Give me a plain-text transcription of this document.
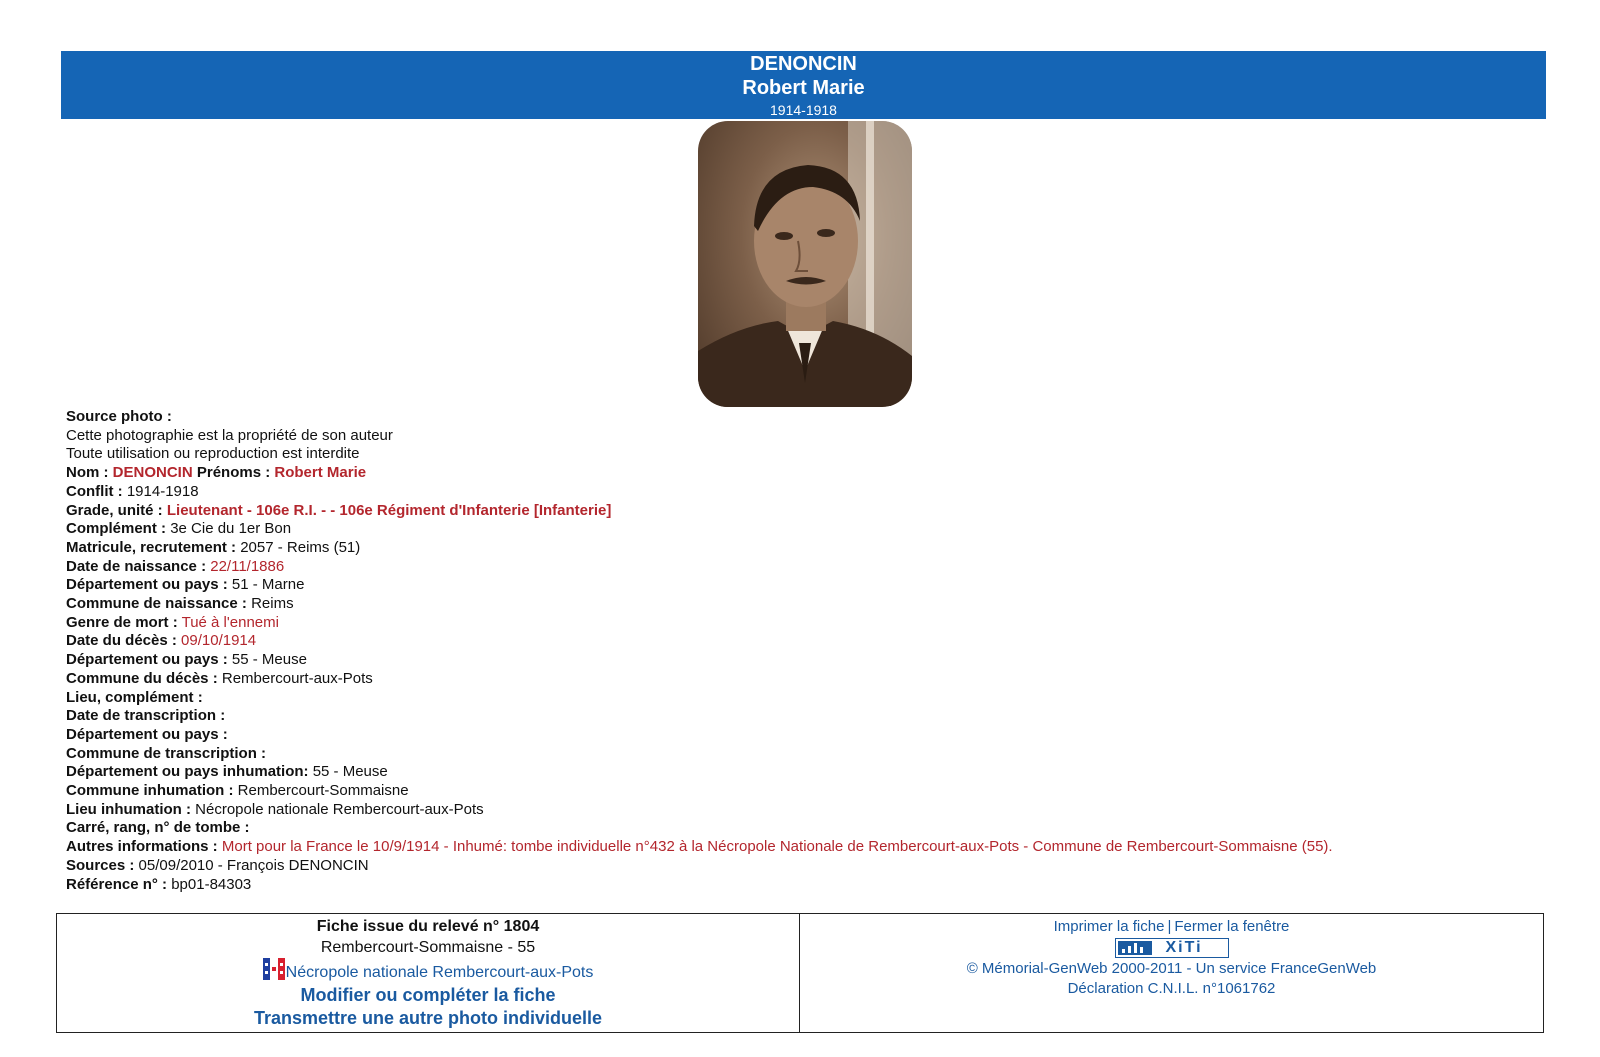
DENONCIN
Robert Marie
1914-1918
Source photo :
Cette photographie est la propriété de son auteur
Toute utilisation ou reproduction est interdite
Nom : DENONCIN Prénoms : Robert Marie
Conflit : 1914-1918
Grade, unité : Lieutenant - 106e R.I. - - 106e Régiment d'Infanterie [Infanterie]
Complément : 3e Cie du 1er Bon
Matricule, recrutement : 2057 - Reims (51)
Date de naissance : 22/11/1886
Département ou pays : 51 - Marne
Commune de naissance : Reims
Genre de mort : Tué à l'ennemi
Date du décès : 09/10/1914
Département ou pays : 55 - Meuse
Commune du décès : Rembercourt-aux-Pots
Lieu, complément :
Date de transcription :
Département ou pays :
Commune de transcription :
Département ou pays inhumation: 55 - Meuse
Commune inhumation : Rembercourt-Sommaisne
Lieu inhumation : Nécropole nationale Rembercourt-aux-Pots
Carré, rang, n° de tombe :
Autres informations : Mort pour la France le 10/9/1914 - Inhumé: tombe individuelle n°432 à la Nécropole Nationale de Rembercourt-aux-Pots - Commune de Rembercourt-Sommaisne (55).
Sources : 05/09/2010 - François DENONCIN
Référence n° : bp01-84303
Fiche issue du relevé n° 1804
Rembercourt-Sommaisne - 55
Nécropole nationale Rembercourt-aux-Pots
Modifier ou compléter la fiche
Transmettre une autre photo individuelle
Imprimer la fiche | Fermer la fenêtre
XiTi
© Mémorial-GenWeb 2000-2011 - Un service FranceGenWeb
Déclaration C.N.I.L. n°1061762
